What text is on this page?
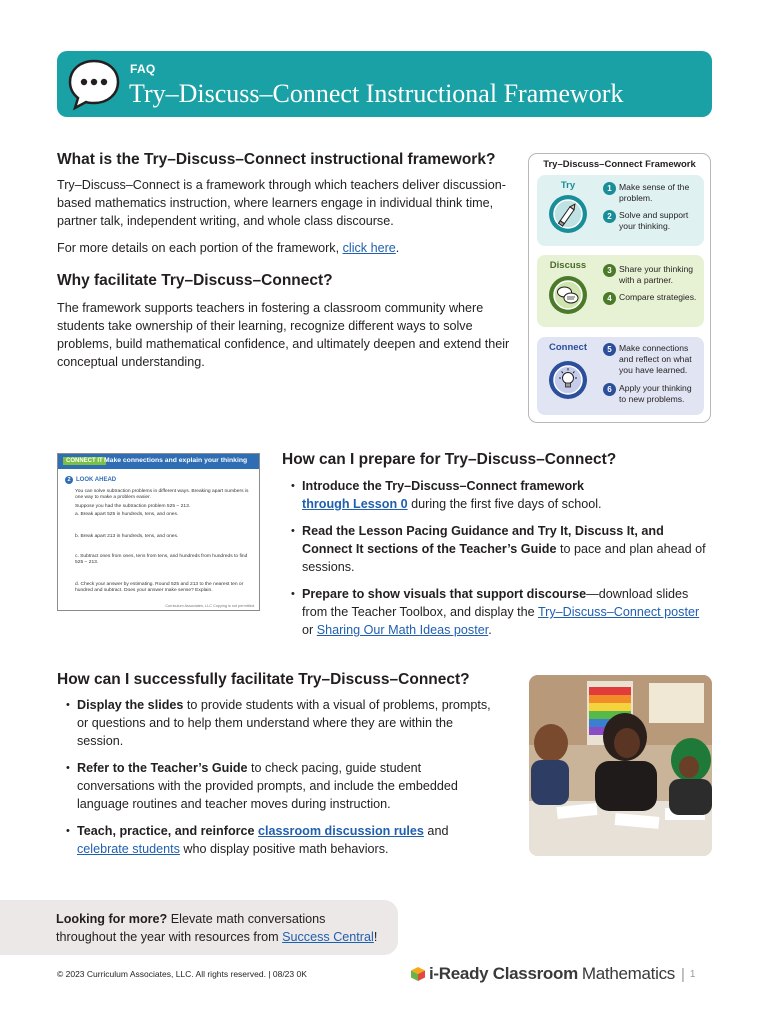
FAQ
Try–Discuss–Connect Instructional Framework
What is the Try–Discuss–Connect instructional framework?

Try–Discuss–Connect is a framework through which teachers deliver discussion-based mathematics instruction, where learners engage in individual think time, partner talk, independent writing, and whole class discourse.

For more details on each portion of the framework, click here.

Why facilitate Try–Discuss–Connect?

The framework supports teachers in fostering a classroom community where students take ownership of their learning, recognize different ways to solve problems, build mathematical confidence, and ultimately deepen and extend their conceptual understanding.

Try–Discuss–Connect Framework
Try	1 Make sense of the problem.
2 Solve and support your thinking.
Discuss	3 Share your thinking with a partner.
4 Compare strategies.
Connect	5 Make connections and reflect on what you have learned.
6 Apply your thinking to new problems.
CONNECT IT Make connections and explain your thinking
2 LOOK AHEAD
You can solve subtraction problems in different ways. Breaking apart numbers is one way to make a problem easier.
Suppose you had the subtraction problem 525 − 213.
a. Break apart 525 in hundreds, tens, and ones.
b. Break apart 213 in hundreds, tens, and ones.
c. Subtract ones from ones, tens from tens, and hundreds from hundreds to find 525 − 213.
d. Check your answer by estimating. Round 525 and 213 to the nearest ten or hundred and subtract. Does your answer make sense? Explain.
Curriculum Associates, LLC Copying is not permitted.
How can I prepare for Try–Discuss–Connect?
• Introduce the Try–Discuss–Connect framework
through Lesson 0 during the first five days of school.
• Read the Lesson Pacing Guidance and Try It, Discuss It, and Connect It sections of the Teacher’s Guide to pace and plan ahead of sessions.
• Prepare to show visuals that support discourse—download slides from the Teacher Toolbox, and display the Try–Discuss–Connect poster or Sharing Our Math Ideas poster.
How can I successfully facilitate Try–Discuss–Connect?
• Display the slides to provide students with a visual of problems, prompts, or questions and to help them understand where they are within the session.
• Refer to the Teacher’s Guide to check pacing, guide student conversations with the provided prompts, and include the embedded language routines and teacher moves during instruction.
• Teach, practice, and reinforce classroom discussion rules and
celebrate students who display positive math behaviors.

Looking for more? Elevate math conversations throughout the year with resources from Success Central!

© 2023 Curriculum Associates, LLC. All rights reserved. | 08/23 0K	i-Ready Classroom Mathematics | 1
